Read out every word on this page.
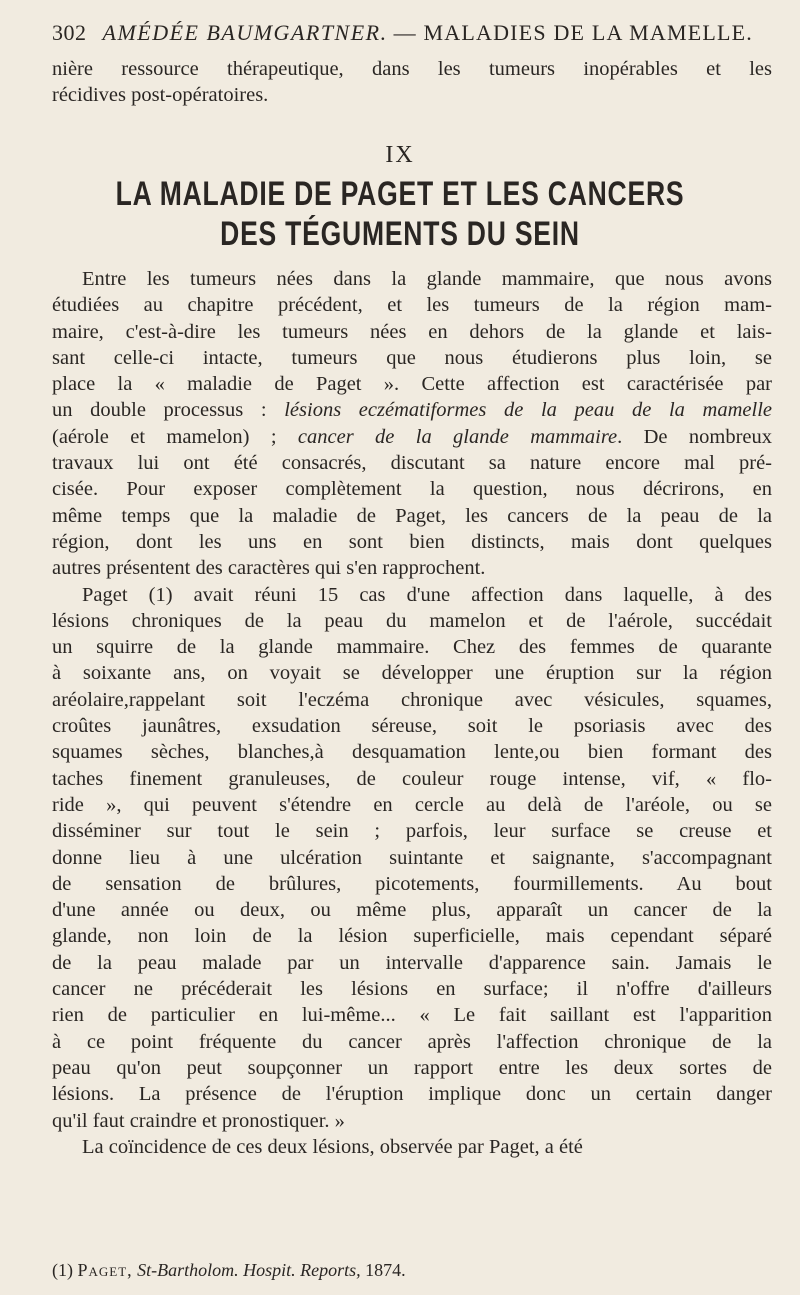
302 AMÉDÉE BAUMGARTNER. — MALADIES DE LA MAMELLE.
nière ressource thérapeutique, dans les tumeurs inopérables et les
récidives post-opératoires.
IX
LA MALADIE DE PAGET ET LES CANCERS
DES TÉGUMENTS DU SEIN
Entre les tumeurs nées dans la glande mammaire, que nous avons
étudiées au chapitre précédent, et les tumeurs de la région mam-
maire, c'est-à-dire les tumeurs nées en dehors de la glande et lais-
sant celle-ci intacte, tumeurs que nous étudierons plus loin, se
place la « maladie de Paget ». Cette affection est caractérisée par
un double processus : lésions eczématiformes de la peau de la mamelle
(aérole et mamelon) ; cancer de la glande mammaire. De nombreux
travaux lui ont été consacrés, discutant sa nature encore mal pré-
cisée. Pour exposer complètement la question, nous décrirons, en
même temps que la maladie de Paget, les cancers de la peau de la
région, dont les uns en sont bien distincts, mais dont quelques
autres présentent des caractères qui s'en rapprochent.
Paget (1) avait réuni 15 cas d'une affection dans laquelle, à des
lésions chroniques de la peau du mamelon et de l'aérole, succédait
un squirre de la glande mammaire. Chez des femmes de quarante
à soixante ans, on voyait se développer une éruption sur la région
aréolaire,rappelant soit l'eczéma chronique avec vésicules, squames,
croûtes jaunâtres, exsudation séreuse, soit le psoriasis avec des
squames sèches, blanches,à desquamation lente,ou bien formant des
taches finement granuleuses, de couleur rouge intense, vif, « flo-
ride », qui peuvent s'étendre en cercle au delà de l'aréole, ou se
disséminer sur tout le sein ; parfois, leur surface se creuse et
donne lieu à une ulcération suintante et saignante, s'accompagnant
de sensation de brûlures, picotements, fourmillements. Au bout
d'une année ou deux, ou même plus, apparaît un cancer de la
glande, non loin de la lésion superficielle, mais cependant séparé
de la peau malade par un intervalle d'apparence sain. Jamais le
cancer ne précéderait les lésions en surface; il n'offre d'ailleurs
rien de particulier en lui-même... « Le fait saillant est l'apparition
à ce point fréquente du cancer après l'affection chronique de la
peau qu'on peut soupçonner un rapport entre les deux sortes de
lésions. La présence de l'éruption implique donc un certain danger
qu'il faut craindre et pronostiquer. »
La coïncidence de ces deux lésions, observée par Paget, a été
(1) Paget, St-Bartholom. Hospit. Reports, 1874.
